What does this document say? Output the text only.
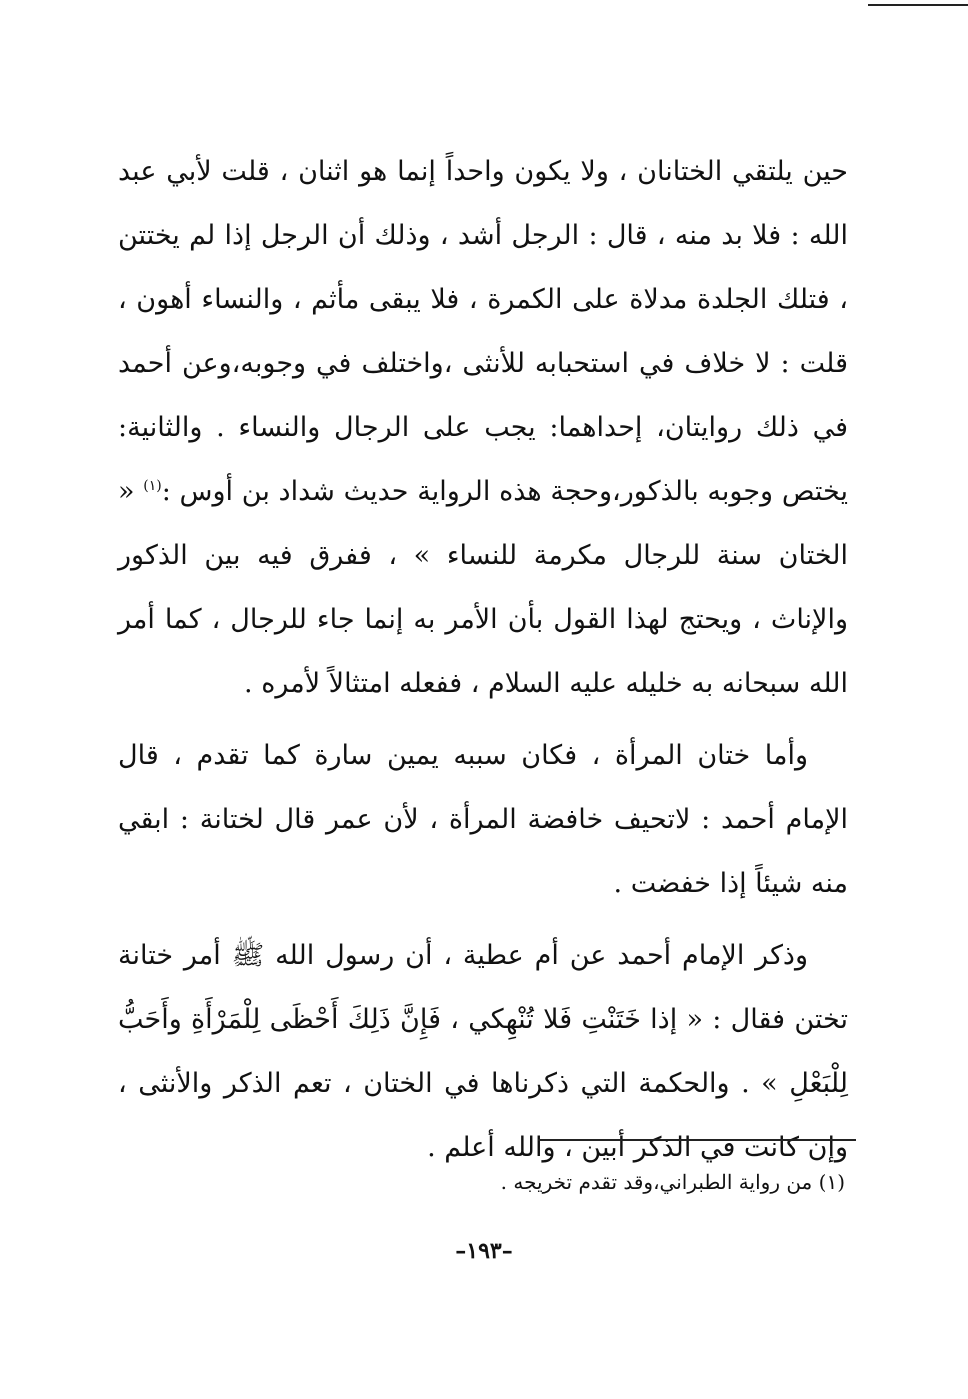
حين يلتقي الختانان ، ولا يكون واحداً إنما هو اثنان ، قلت لأبي عبد الله : فلا بد منه ، قال : الرجل أشد ، وذلك أن الرجل إذا لم يختتن ، فتلك الجلدة مدلاة على الكمرة ، فلا يبقى مأثم ، والنساء أهون ، قلت : لا خلاف في استحبابه للأنثى ،واختلف في وجوبه،وعن أحمد في ذلك روايتان، إحداهما: يجب على الرجال والنساء . والثانية: يختص وجوبه بالذكور،وحجة هذه الرواية حديث شداد بن أوس :$^{(١)}$ « الختان سنة للرجال مكرمة للنساء » ، ففرق فيه بين الذكور والإناث ، ويحتج لهذا القول بأن الأمر به إنما جاء للرجال ، كما أمر الله سبحانه به خليله عليه السلام ، ففعله امتثالاً لأمره .

وأما ختان المرأة ، فكان سببه يمين سارة كما تقدم ، قال الإمام أحمد : لاتحيف خافضة المرأة ، لأن عمر قال لختانة : ابقي منه شيئاً إذا خفضت .

وذكر الإمام أحمد عن أم عطية ، أن رسول الله ﷺ أمر ختانة تختن فقال : « إذا خَتَنْتِ فَلا تُنْهِكي ، فَإِنَّ ذَلِكَ أَحْظَى لِلْمَرْأَةِ وأَحَبُّ لِلْبَعْلِ » . والحكمة التي ذكرناها في الختان ، تعم الذكر والأنثى ، وإن كانت في الذكر أبين ، والله أعلم .

(١) من رواية الطبراني،وقد تقدم تخريجه .
–١٩٣–
